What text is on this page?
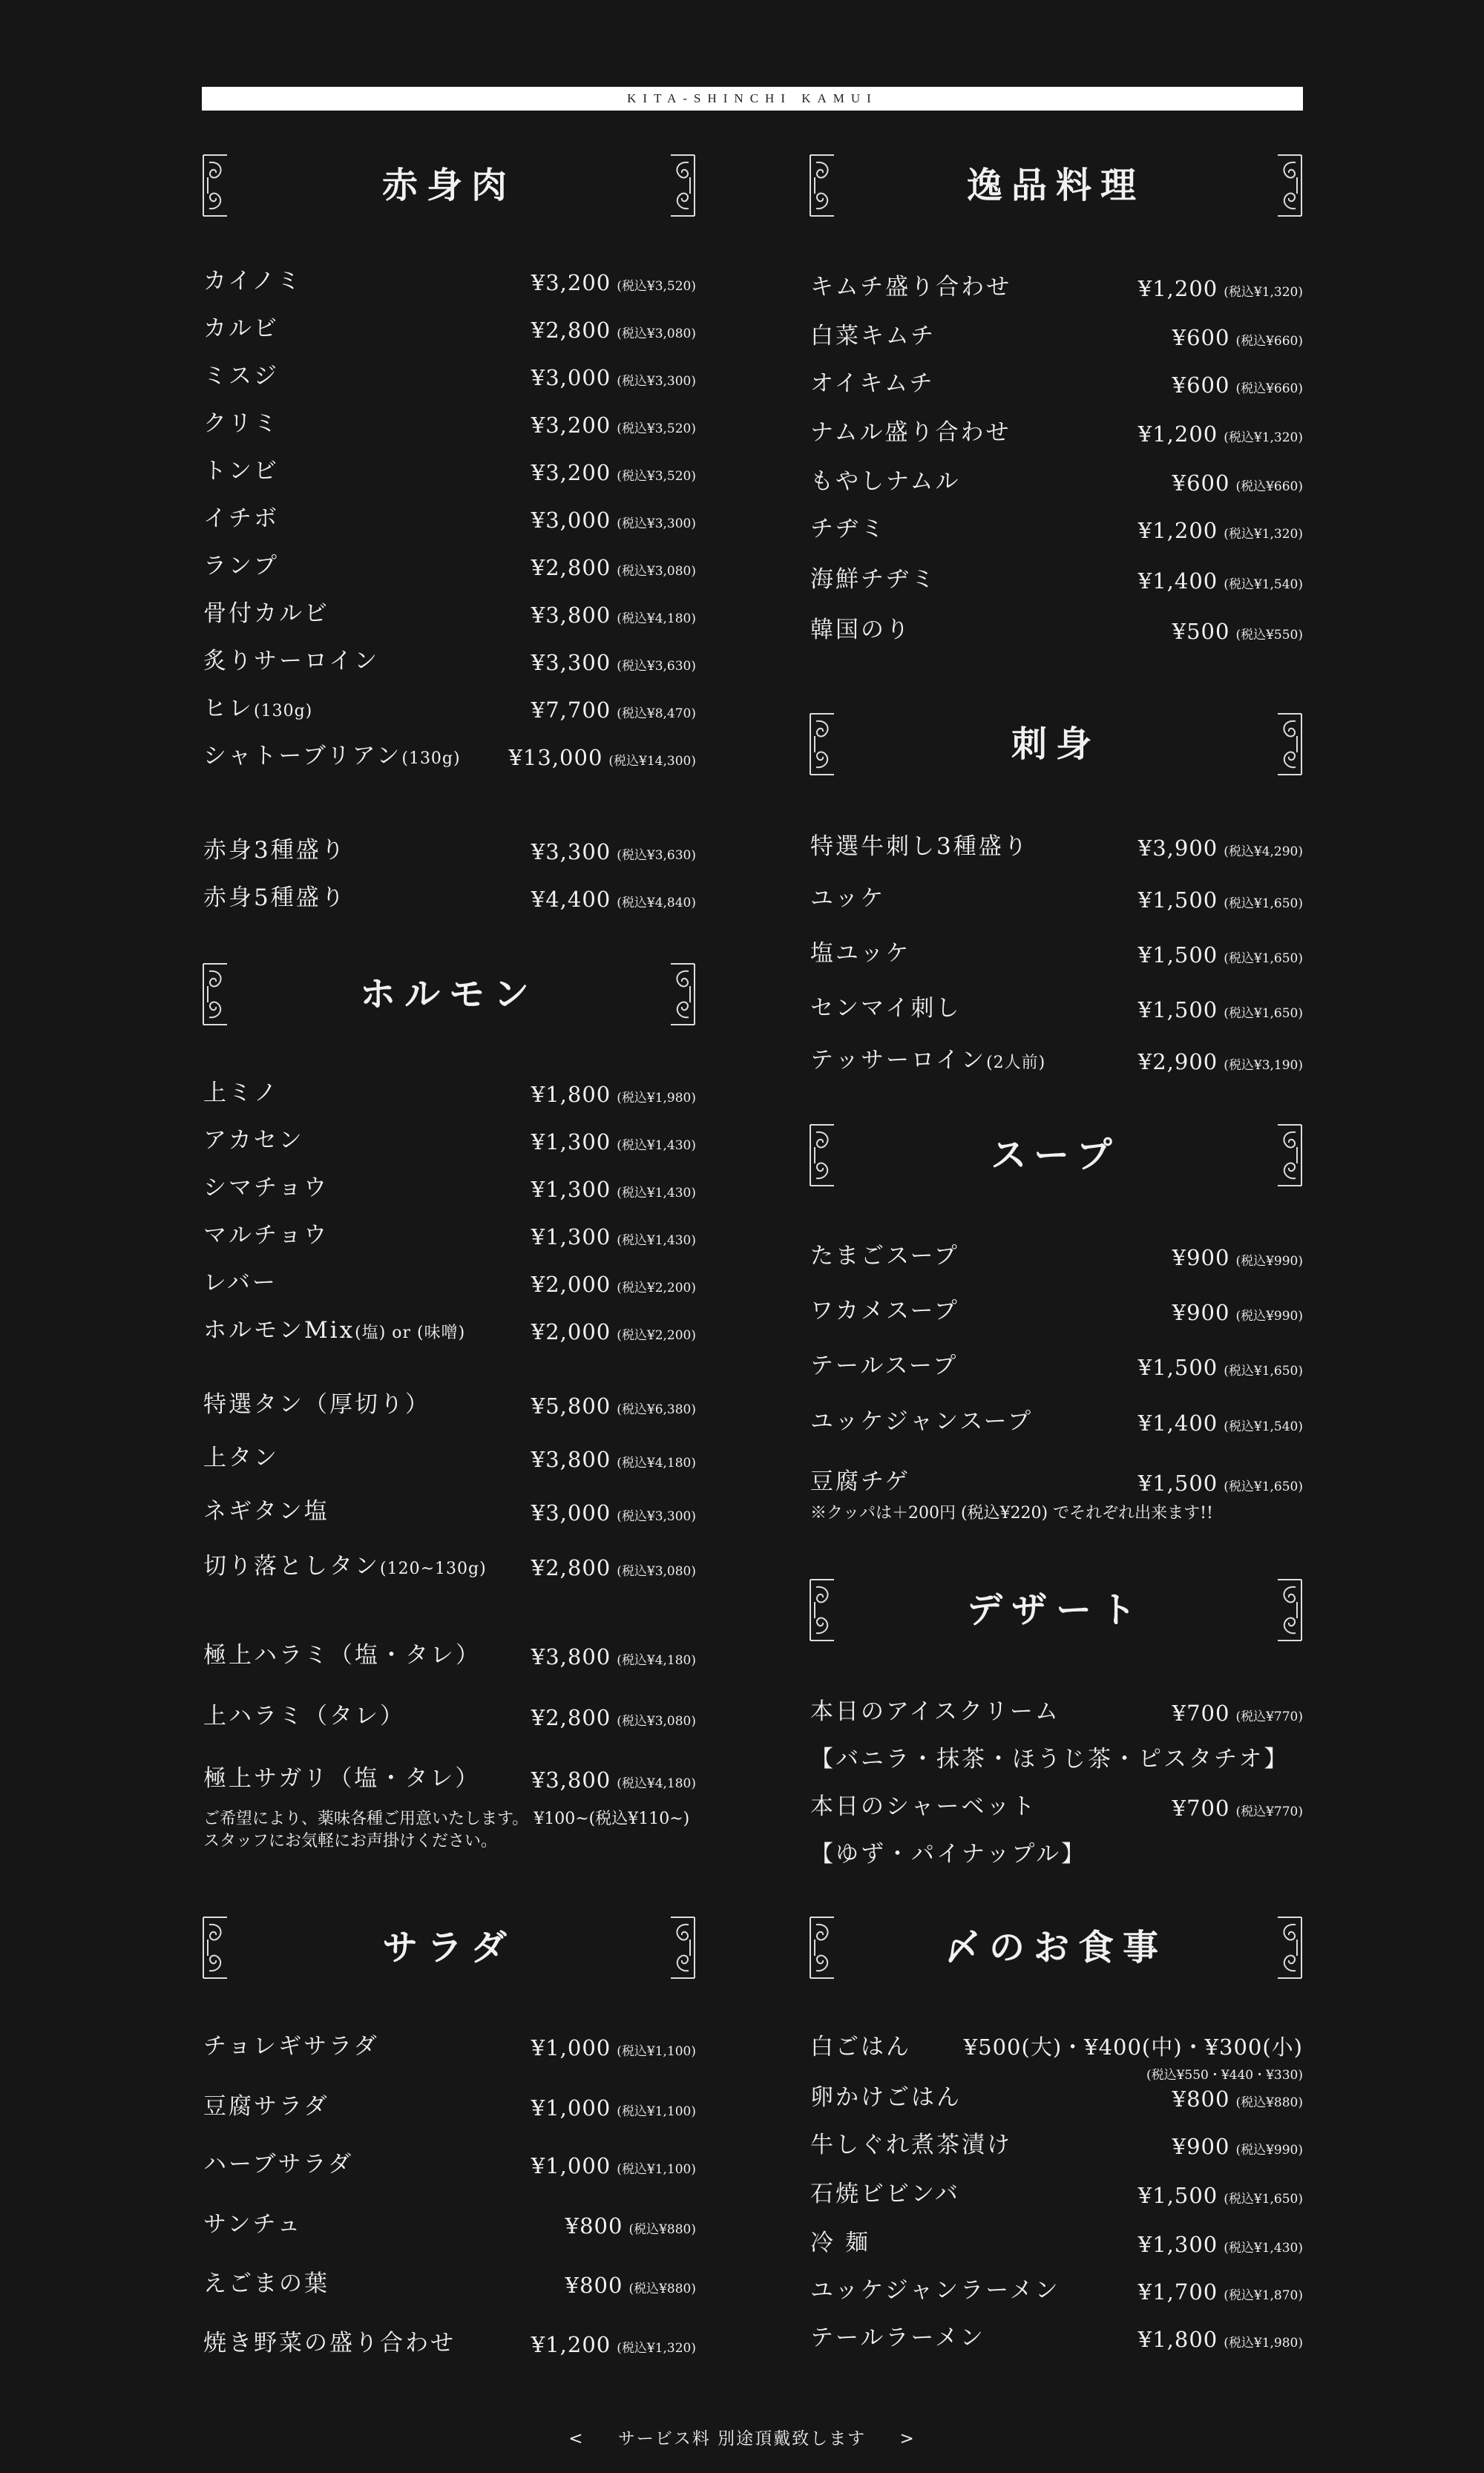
KITA-SHINCHI KAMUI
赤身肉
カイノミ	¥3,200 (税込¥3,520)
カルビ	¥2,800 (税込¥3,080)
ミスジ	¥3,000 (税込¥3,300)
クリミ	¥3,200 (税込¥3,520)
トンビ	¥3,200 (税込¥3,520)
イチボ	¥3,000 (税込¥3,300)
ランプ	¥2,800 (税込¥3,080)
骨付カルビ	¥3,800 (税込¥4,180)
炙りサーロイン	¥3,300 (税込¥3,630)
ヒレ(130g)	¥7,700 (税込¥8,470)
シャトーブリアン(130g) ¥13,000 (税込¥14,300)
赤身3種盛り	¥3,300 (税込¥3,630)
赤身5種盛り	¥4,400 (税込¥4,840)
ホルモン
上ミノ	¥1,800 (税込¥1,980)
アカセン	¥1,300 (税込¥1,430)
シマチョウ	¥1,300 (税込¥1,430)
マルチョウ	¥1,300 (税込¥1,430)
レバー	¥2,000 (税込¥2,200)
ホルモンMix(塩) or (味噌)	¥2,000 (税込¥2,200)
特選タン（厚切り）	¥5,800 (税込¥6,380)
上タン	¥3,800 (税込¥4,180)
ネギタン塩	¥3,000 (税込¥3,300)
切り落としタン(120~130g) ¥2,800 (税込¥3,080)
極上ハラミ（塩・タレ） ¥3,800 (税込¥4,180)
上ハラミ（タレ）	¥2,800 (税込¥3,080)
極上サガリ（塩・タレ） ¥3,800 (税込¥4,180)
ご希望により、薬味各種ご用意いたします。 ¥100~(税込¥110~)
スタッフにお気軽にお声掛けください。
サラダ
チョレギサラダ	¥1,000 (税込¥1,100)
豆腐サラダ	¥1,000 (税込¥1,100)
ハーブサラダ	¥1,000 (税込¥1,100)
サンチュ	¥800 (税込¥880)
えごまの葉	¥800 (税込¥880)
焼き野菜の盛り合わせ	¥1,200 (税込¥1,320)
逸品料理
キムチ盛り合わせ	¥1,200 (税込¥1,320)
白菜キムチ	¥600 (税込¥660)
オイキムチ	¥600 (税込¥660)
ナムル盛り合わせ	¥1,200 (税込¥1,320)
もやしナムル	¥600 (税込¥660)
チヂミ	¥1,200 (税込¥1,320)
海鮮チヂミ	¥1,400 (税込¥1,540)
韓国のり	¥500 (税込¥550)
刺身
特選牛刺し3種盛り	¥3,900 (税込¥4,290)
ユッケ	¥1,500 (税込¥1,650)
塩ユッケ	¥1,500 (税込¥1,650)
センマイ刺し	¥1,500 (税込¥1,650)
テッサーロイン(2人前)	¥2,900 (税込¥3,190)
スープ
たまごスープ	¥900 (税込¥990)
ワカメスープ	¥900 (税込¥990)
テールスープ	¥1,500 (税込¥1,650)
ユッケジャンスープ	¥1,400 (税込¥1,540)
豆腐チゲ	¥1,500 (税込¥1,650)
※クッパは＋200円 (税込¥220) でそれぞれ出来ます!!
デザート
本日のアイスクリーム	¥700 (税込¥770)
【バニラ・抹茶・ほうじ茶・ピスタチオ】
本日のシャーベット	¥700 (税込¥770)
【ゆず・パイナップル】
〆のお食事
白ごはん ¥500(大)・¥400(中)・¥300(小)
(税込¥550・¥440・¥330)
卵かけごはん	¥800 (税込¥880)
牛しぐれ煮茶漬け	¥900 (税込¥990)
石焼ビビンバ	¥1,500 (税込¥1,650)
冷 麺	¥1,300 (税込¥1,430)
ユッケジャンラーメン	¥1,700 (税込¥1,870)
テールラーメン	¥1,800 (税込¥1,980)
< サービス料 別途頂戴致します >
